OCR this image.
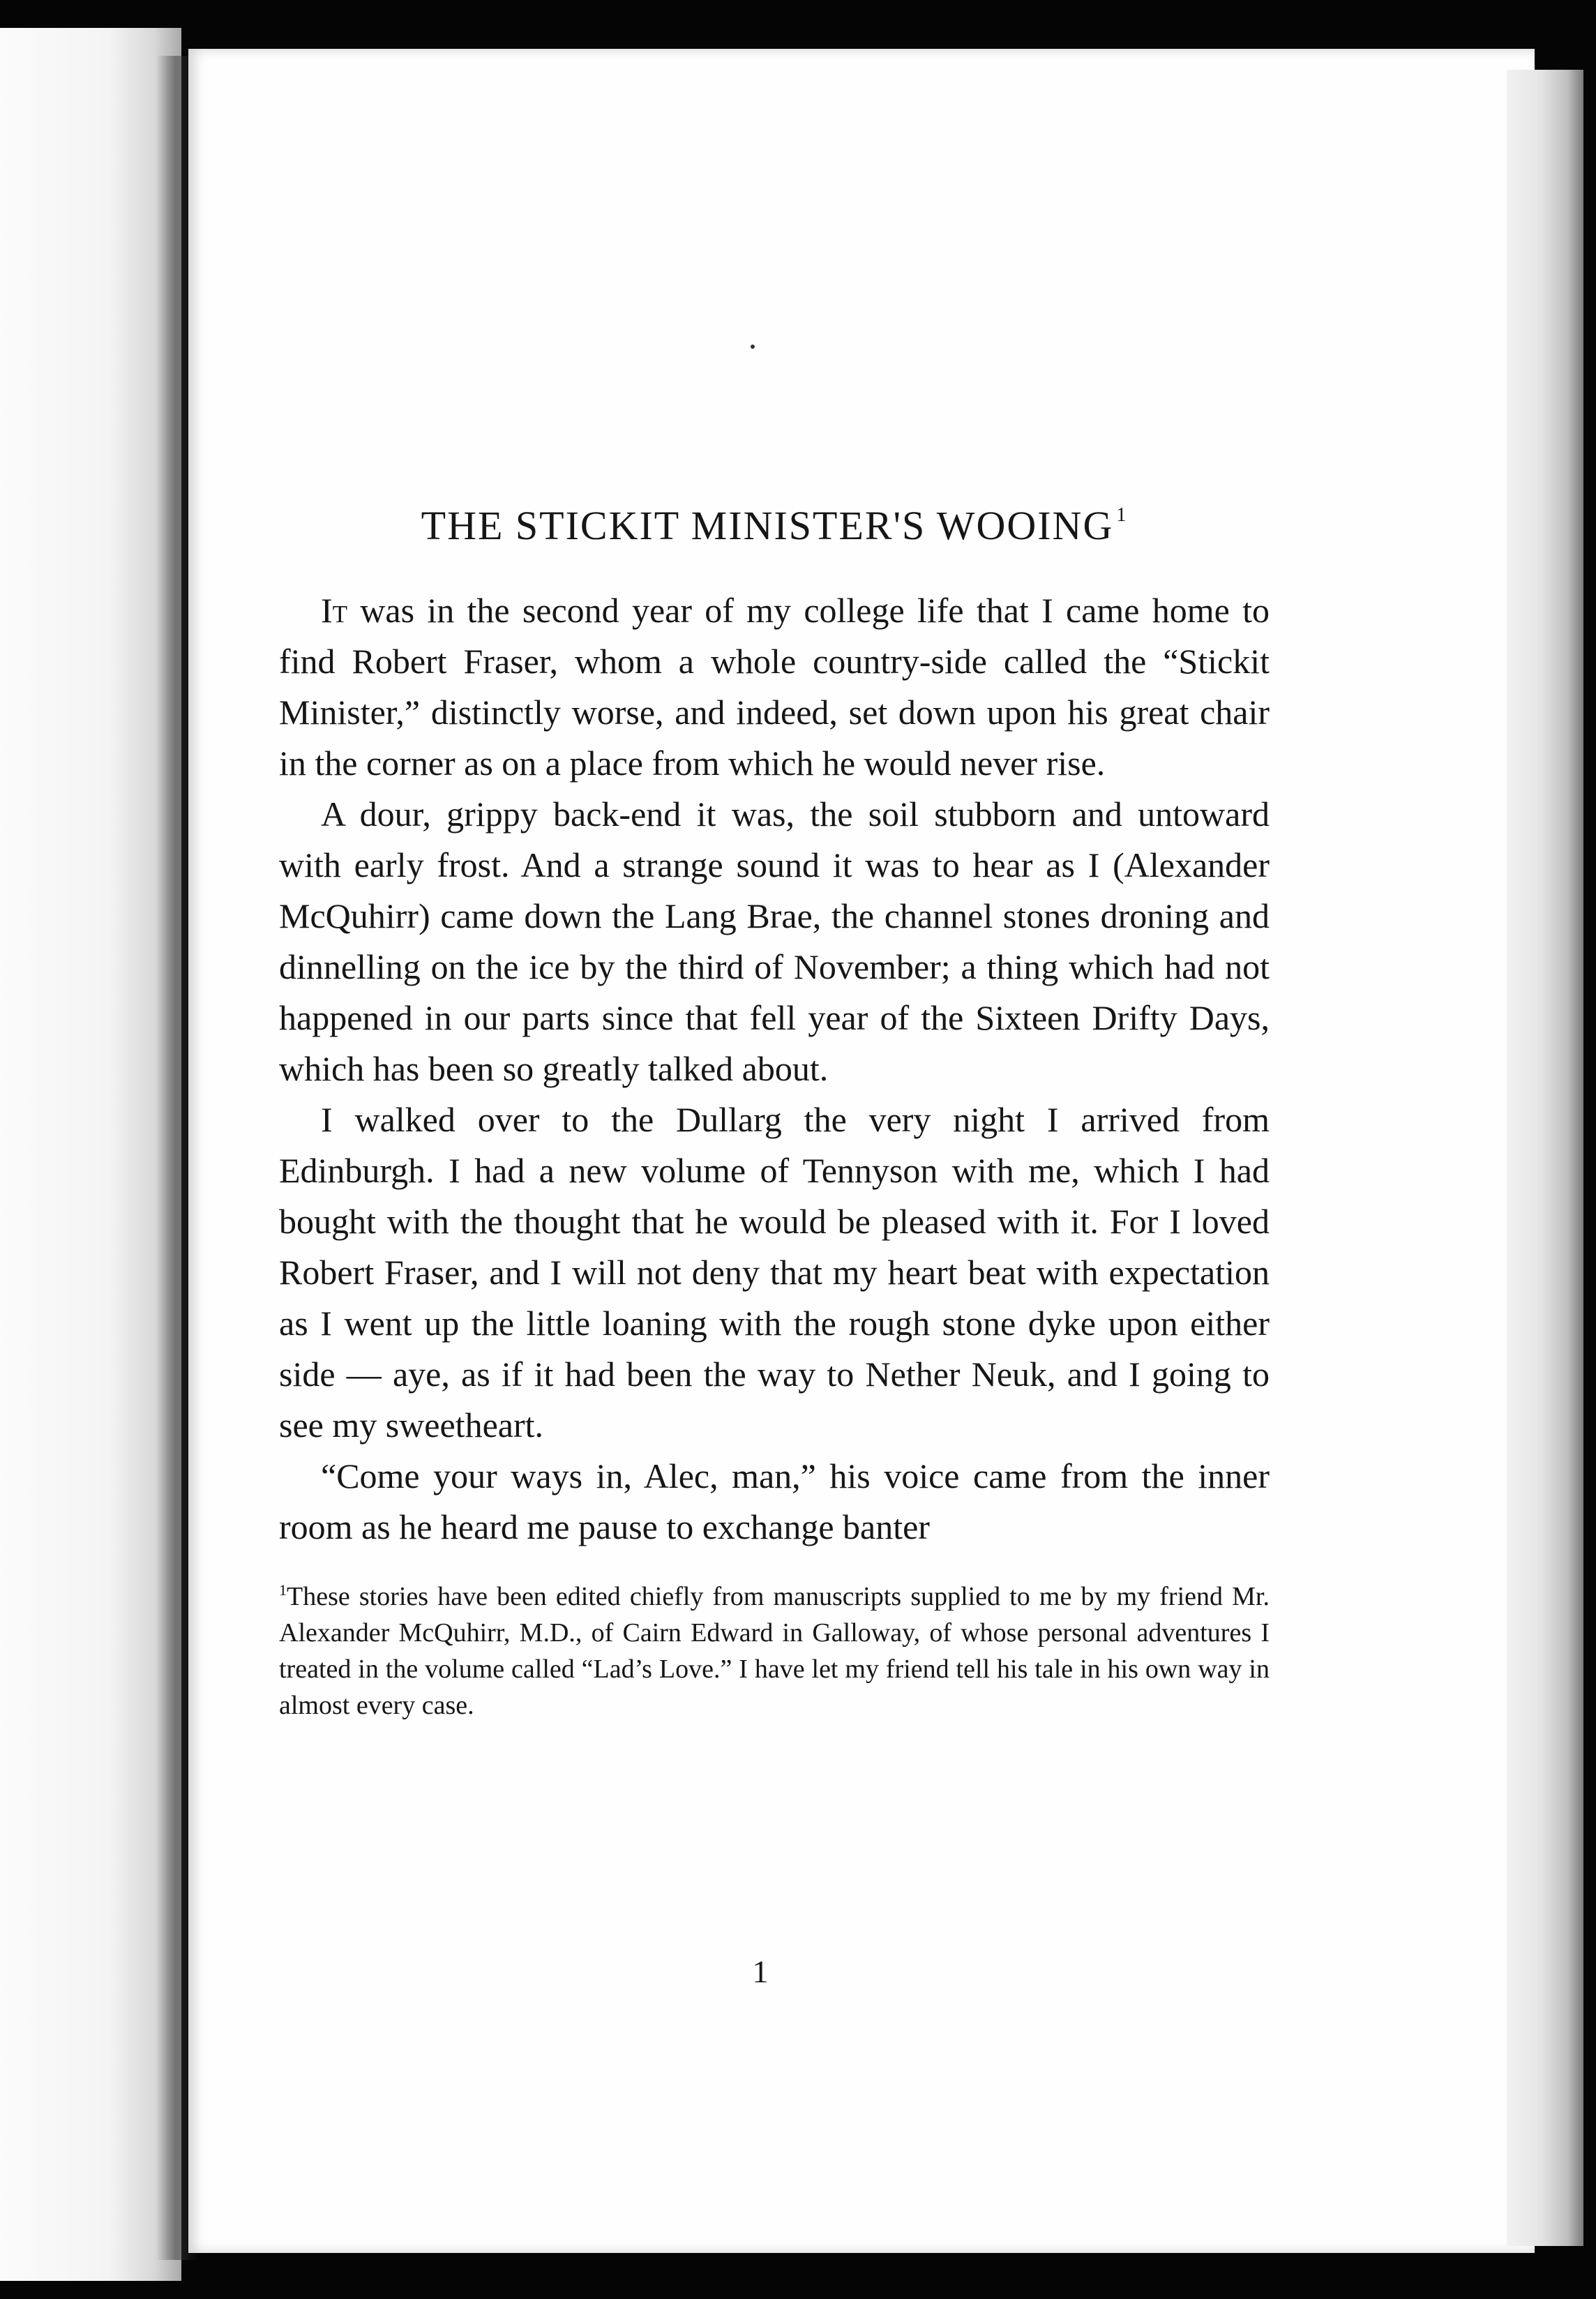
THE STICKIT MINISTER'S WOOING $^1$

It was in the second year of my college life that I came home to find Robert Fraser, whom a whole country-side called the “Stickit Minister,” distinctly worse, and indeed, set down upon his great chair in the corner as on a place from which he would never rise.

A dour, grippy back-end it was, the soil stubborn and untoward with early frost. And a strange sound it was to hear as I (Alexander McQuhirr) came down the Lang Brae, the channel stones droning and dinnelling on the ice by the third of November; a thing which had not happened in our parts since that fell year of the Sixteen Drifty Days, which has been so greatly talked about.

I walked over to the Dullarg the very night I arrived from Edinburgh. I had a new volume of Tennyson with me, which I had bought with the thought that he would be pleased with it. For I loved Robert Fraser, and I will not deny that my heart beat with expectation as I went up the little loaning with the rough stone dyke upon either side — aye, as if it had been the way to Nether Neuk, and I going to see my sweetheart.

“Come your ways in, Alec, man,” his voice came from the inner room as he heard me pause to exchange banter

$^1$These stories have been edited chiefly from manuscripts supplied to me by my friend Mr. Alexander McQuhirr, M.D., of Cairn Edward in Galloway, of whose personal adventures I treated in the volume called “Lad’s Love.” I have let my friend tell his tale in his own way in almost every case.
1
